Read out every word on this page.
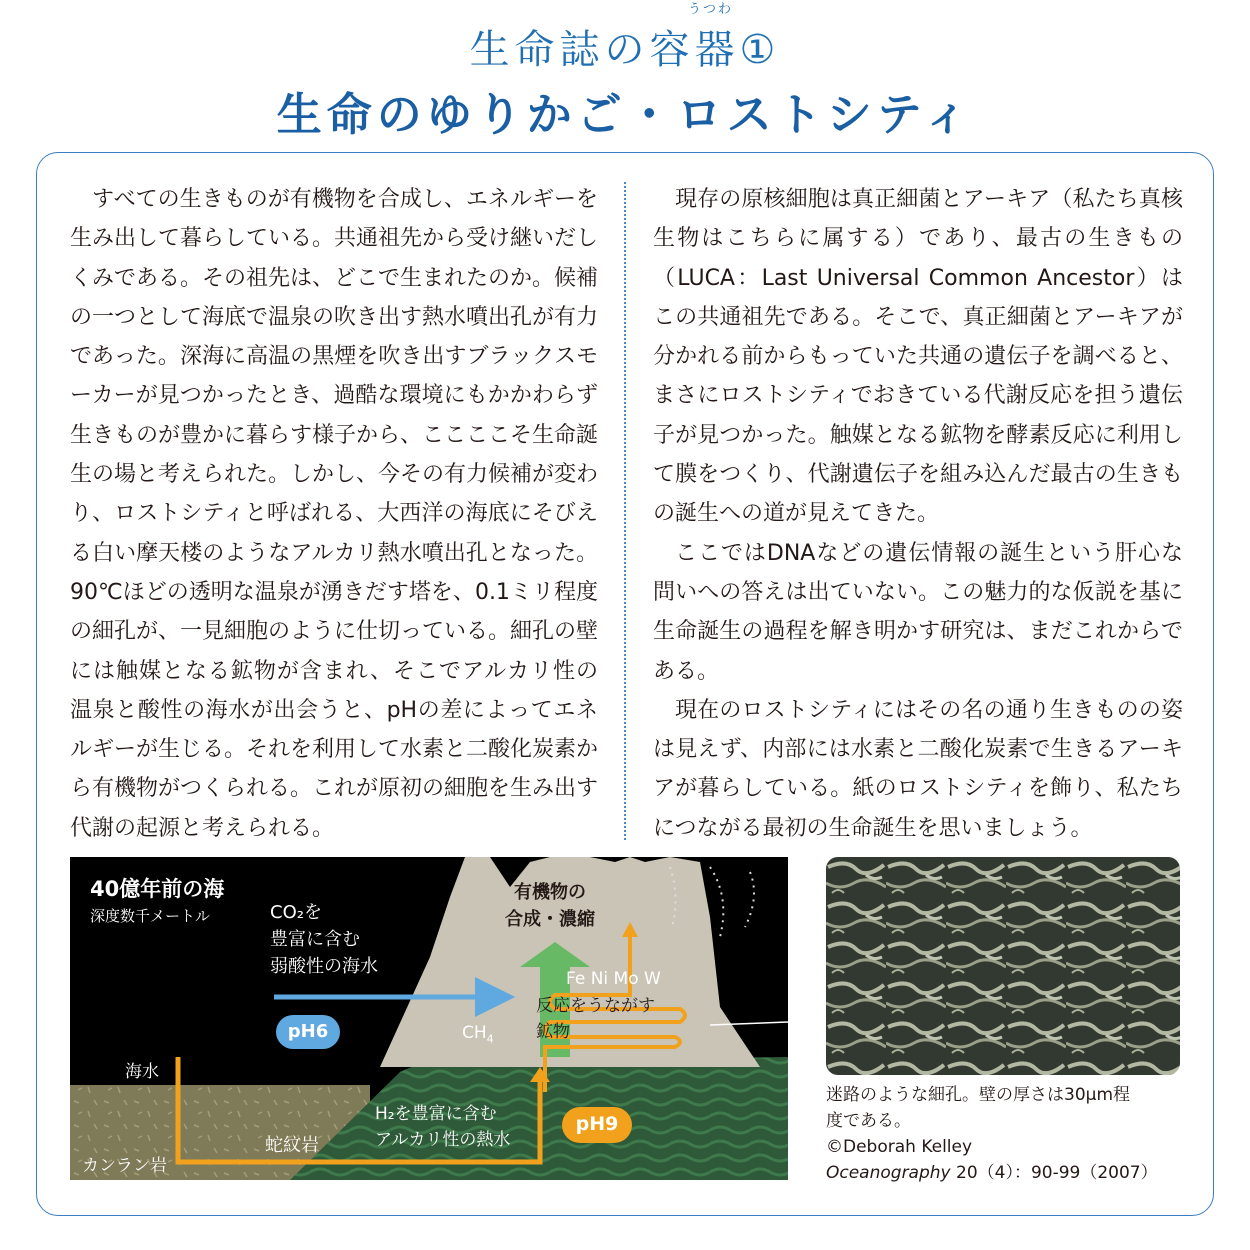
生命誌の容器①
うつわ
生命のゆりかご・ロストシティ

すべての生きものが有機物を合成し、エネルギーを生み出して暮らしている。共通祖先から受け継いだしくみである。その祖先は、どこで生まれたのか。候補の一つとして海底で温泉の吹き出す熱水噴出孔が有力であった。深海に高温の黒煙を吹き出すブラックスモーカーが見つかったとき、過酷な環境にもかかわらず生きものが豊かに暮らす様子から、ここここそ生命誕生の場と考えられた。しかし、今その有力候補が変わり、ロストシティと呼ばれる、大西洋の海底にそびえる白い摩天楼のようなアルカリ熱水噴出孔となった。90℃ほどの透明な温泉が湧きだす塔を、0.1ミリ程度の細孔が、一見細胞のように仕切っている。細孔の壁には触媒となる鉱物が含まれ、そこでアルカリ性の温泉と酸性の海水が出会うと、pHの差によってエネルギーが生じる。それを利用して水素と二酸化炭素から有機物がつくられる。これが原初の細胞を生み出す代謝の起源と考えられる。

現存の原核細胞は真正細菌とアーキア（私たち真核生物はこちらに属する）であり、最古の生きもの（LUCA：Last Universal Common Ancestor）はこの共通祖先である。そこで、真正細菌とアーキアが分かれる前からもっていた共通の遺伝子を調べると、まさにロストシティでおきている代謝反応を担う遺伝子が見つかった。触媒となる鉱物を酵素反応に利用して膜をつくり、代謝遺伝子を組み込んだ最古の生きもの誕生への道が見えてきた。

ここではDNAなどの遺伝情報の誕生という肝心な問いへの答えは出ていない。この魅力的な仮説を基に生命誕生の過程を解き明かす研究は、まだこれからである。

現在のロストシティにはその名の通り生きものの姿は見えず、内部には水素と二酸化炭素で生きるアーキアが暮らしている。紙のロストシティを飾り、私たちにつながる最初の生命誕生を思いましょう。

40億年前の海
深度数千メートル	CO₂を
豊富に含む
弱酸性の海水
pH6
有機物の
合成・濃縮
Fe Ni Mo W
反応をうながす
鉱物
$CH_4$
海水
H₂を豊富に含む
アルカリ性の熱水
pH9
蛇紋岩
カンラン岩
迷路のような細孔。壁の厚さは30μm程
度である。
©Deborah Kelley
Oceanography 20（4）：90-99（2007）
